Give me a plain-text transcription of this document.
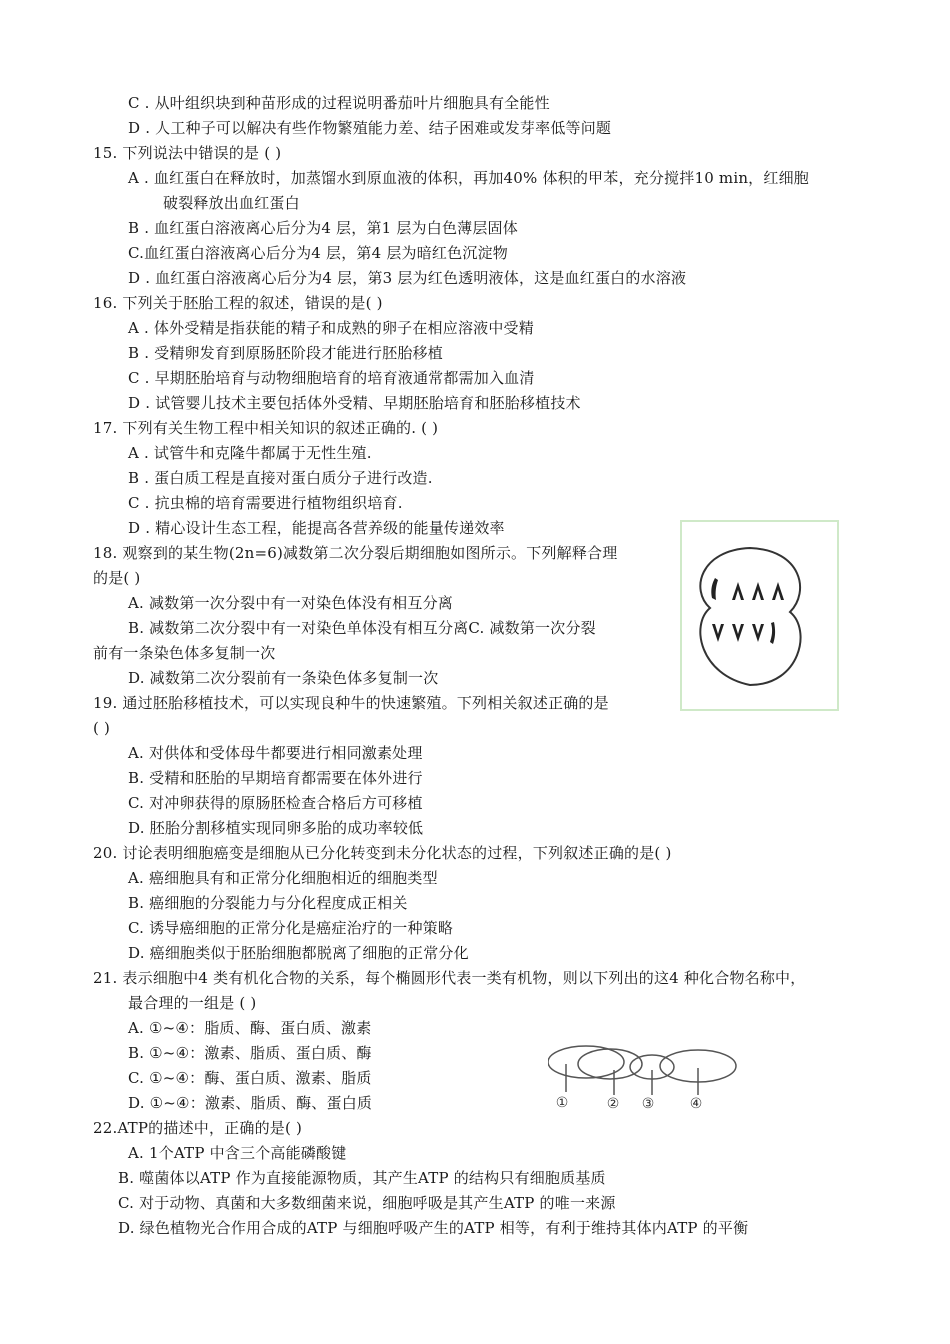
C . 从叶组织块到种苗形成的过程说明番茄叶片细胞具有全能性
D . 人工种子可以解决有些作物繁殖能力差、结子困难或发芽率低等问题
15. 下列说法中错误的是 ( )
A . 血红蛋白在释放时，加蒸馏水到原血液的体积，再加40% 体积的甲苯，充分搅拌10 min，红细胞
破裂释放出血红蛋白
B . 血红蛋白溶液离心后分为4 层，第1 层为白色薄层固体
C.血红蛋白溶液离心后分为4 层，第4 层为暗红色沉淀物
D . 血红蛋白溶液离心后分为4 层，第3 层为红色透明液体，这是血红蛋白的水溶液
16. 下列关于胚胎工程的叙述，错误的是( )
A . 体外受精是指获能的精子和成熟的卵子在相应溶液中受精
B . 受精卵发育到原肠胚阶段才能进行胚胎移植
C . 早期胚胎培育与动物细胞培育的培育液通常都需加入血清
D . 试管婴儿技术主要包括体外受精、早期胚胎培育和胚胎移植技术
17. 下列有关生物工程中相关知识的叙述正确的. ( )
A . 试管牛和克隆牛都属于无性生殖.
B . 蛋白质工程是直接对蛋白质分子进行改造.
C . 抗虫棉的培育需要进行植物组织培育.
D . 精心设计生态工程，能提高各营养级的能量传递效率
18. 观察到的某生物(2n=6)减数第二次分裂后期细胞如图所示。下列解释合理
的是( )
A. 减数第一次分裂中有一对染色体没有相互分离
B. 减数第二次分裂中有一对染色单体没有相互分离C. 减数第一次分裂
前有一条染色体多复制一次
D. 减数第二次分裂前有一条染色体多复制一次
19. 通过胚胎移植技术，可以实现良种牛的快速繁殖。下列相关叙述正确的是
( )
A. 对供体和受体母牛都要进行相同激素处理
B. 受精和胚胎的早期培育都需要在体外进行
C. 对冲卵获得的原肠胚检查合格后方可移植
D. 胚胎分割移植实现同卵多胎的成功率较低
20. 讨论表明细胞癌变是细胞从已分化转变到未分化状态的过程，下列叙述正确的是( )
A. 癌细胞具有和正常分化细胞相近的细胞类型
B. 癌细胞的分裂能力与分化程度成正相关
C. 诱导癌细胞的正常分化是癌症治疗的一种策略
D. 癌细胞类似于胚胎细胞都脱离了细胞的正常分化
21. 表示细胞中4 类有机化合物的关系，每个椭圆形代表一类有机物，则以下列出的这4 种化合物名称中，
最合理的一组是 ( )
A. ①~④：脂质、酶、蛋白质、激素
B. ①~④：激素、脂质、蛋白质、酶
C. ①~④：酶、蛋白质、激素、脂质
D. ①~④：激素、脂质、酶、蛋白质
22.ATP的描述中，正确的是( )
A. 1个ATP 中含三个高能磷酸键
B. 噬菌体以ATP 作为直接能源物质，其产生ATP 的结构只有细胞质基质
C. 对于动物、真菌和大多数细菌来说，细胞呼吸是其产生ATP 的唯一来源
D. 绿色植物光合作用合成的ATP 与细胞呼吸产生的ATP 相等，有利于维持其体内ATP 的平衡
①	② ③	④
